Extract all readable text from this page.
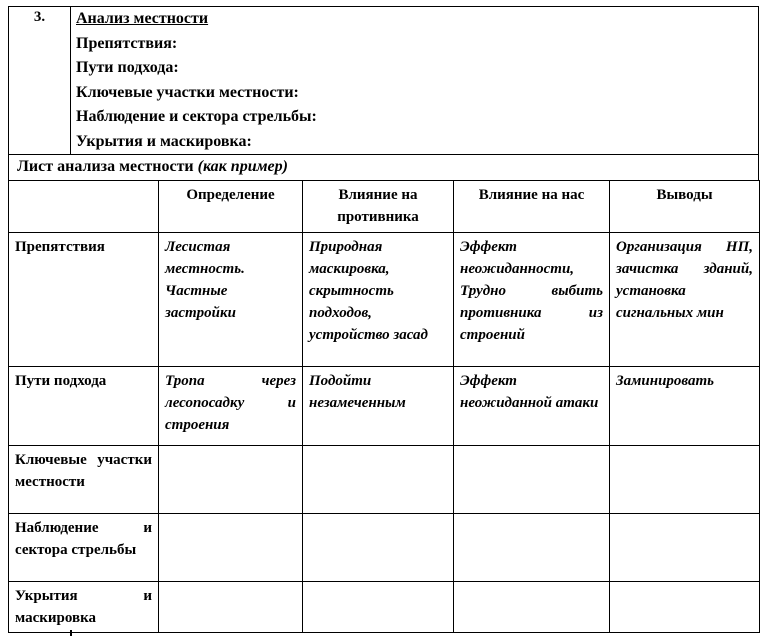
3.	Анализ местности
Препятствия:
Пути подхода:
Ключевые участки местности:
Наблюдение и сектора стрельбы:
Укрытия и маскировка:
Лист анализа местности (как пример)
	Определение	Влияние на противника	Влияние на нас	Выводы
Препятствия	Лесистая местность. Частные застройки	Природная маскировка, скрытность подходов, устройство засад	Эффект неожиданности, Трудно выбить противника из строений	Организация НП, зачистка зданий, установка сигнальных мин
Пути подхода	Тропа через лесопосадку и строения	Подойти незамеченным	Эффект неожиданной атаки	Заминировать
Ключевые участки местности				
Наблюдение и сектора стрельбы				
Укрытия и маскировка				
